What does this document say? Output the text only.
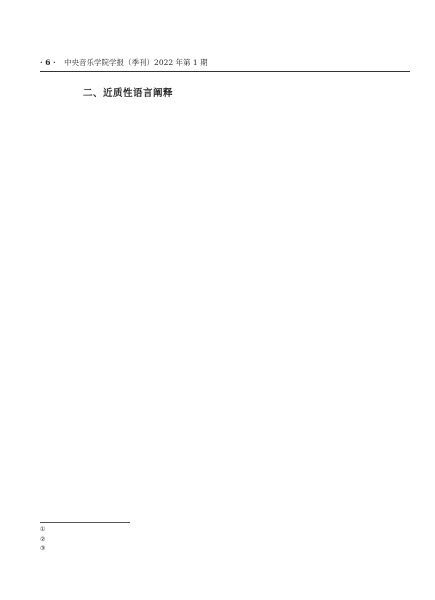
· 6 · 中央音乐学院学报（季刊）2022 年第 1 期
二、近质性语言阐释

①
②
③
